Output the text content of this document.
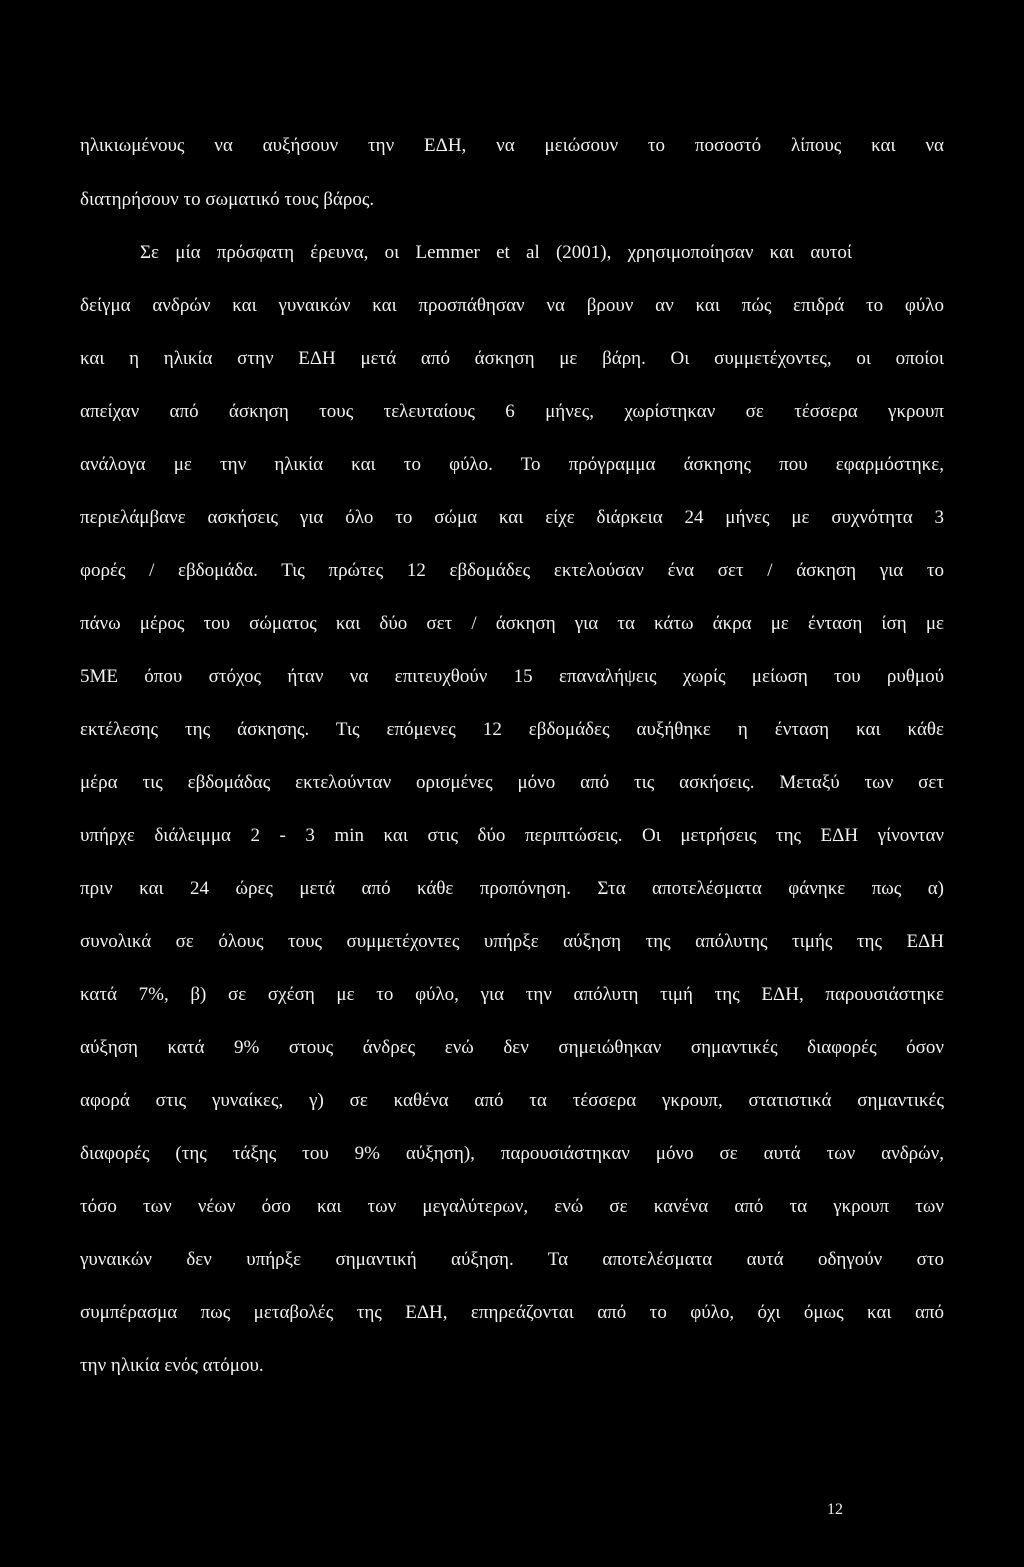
ηλικιωμένους να αυξήσουν την ΕΔΗ, να μειώσουν το ποσοστό λίπους και να
διατηρήσουν το σωματικό τους βάρος.
Σε μία πρόσφατη έρευνα, οι Lemmer et al (2001), χρησιμοποίησαν και αυτοί
δείγμα ανδρών και γυναικών και προσπάθησαν να βρουν αν και πώς επιδρά το φύλο
και η ηλικία στην ΕΔΗ μετά από άσκηση με βάρη. Οι συμμετέχοντες, οι οποίοι
απείχαν από άσκηση τους τελευταίους 6 μήνες, χωρίστηκαν σε τέσσερα γκρουπ
ανάλογα με την ηλικία και το φύλο. Το πρόγραμμα άσκησης που εφαρμόστηκε,
περιελάμβανε ασκήσεις για όλο το σώμα και είχε διάρκεια 24 μήνες με συχνότητα 3
φορές / εβδομάδα. Τις πρώτες 12 εβδομάδες εκτελούσαν ένα σετ / άσκηση για το
πάνω μέρος του σώματος και δύο σετ / άσκηση για τα κάτω άκρα με ένταση ίση με
5ΜΕ όπου στόχος ήταν να επιτευχθούν 15 επαναλήψεις χωρίς μείωση του ρυθμού
εκτέλεσης της άσκησης. Τις επόμενες 12 εβδομάδες αυξήθηκε η ένταση και κάθε
μέρα τις εβδομάδας εκτελούνταν ορισμένες μόνο από τις ασκήσεις. Μεταξύ των σετ
υπήρχε διάλειμμα 2 - 3 min και στις δύο περιπτώσεις. Οι μετρήσεις της ΕΔΗ γίνονταν
πριν και 24 ώρες μετά από κάθε προπόνηση. Στα αποτελέσματα φάνηκε πως α)
συνολικά σε όλους τους συμμετέχοντες υπήρξε αύξηση της απόλυτης τιμής της ΕΔΗ
κατά 7%, β) σε σχέση με το φύλο, για την απόλυτη τιμή της ΕΔΗ, παρουσιάστηκε
αύξηση κατά 9% στους άνδρες ενώ δεν σημειώθηκαν σημαντικές διαφορές όσον
αφορά στις γυναίκες, γ) σε καθένα από τα τέσσερα γκρουπ, στατιστικά σημαντικές
διαφορές (της τάξης του 9% αύξηση), παρουσιάστηκαν μόνο σε αυτά των ανδρών,
τόσο των νέων όσο και των μεγαλύτερων, ενώ σε κανένα από τα γκρουπ των
γυναικών δεν υπήρξε σημαντική αύξηση. Τα αποτελέσματα αυτά οδηγούν στο
συμπέρασμα πως μεταβολές της ΕΔΗ, επηρεάζονται από το φύλο, όχι όμως και από
την ηλικία ενός ατόμου.
12
